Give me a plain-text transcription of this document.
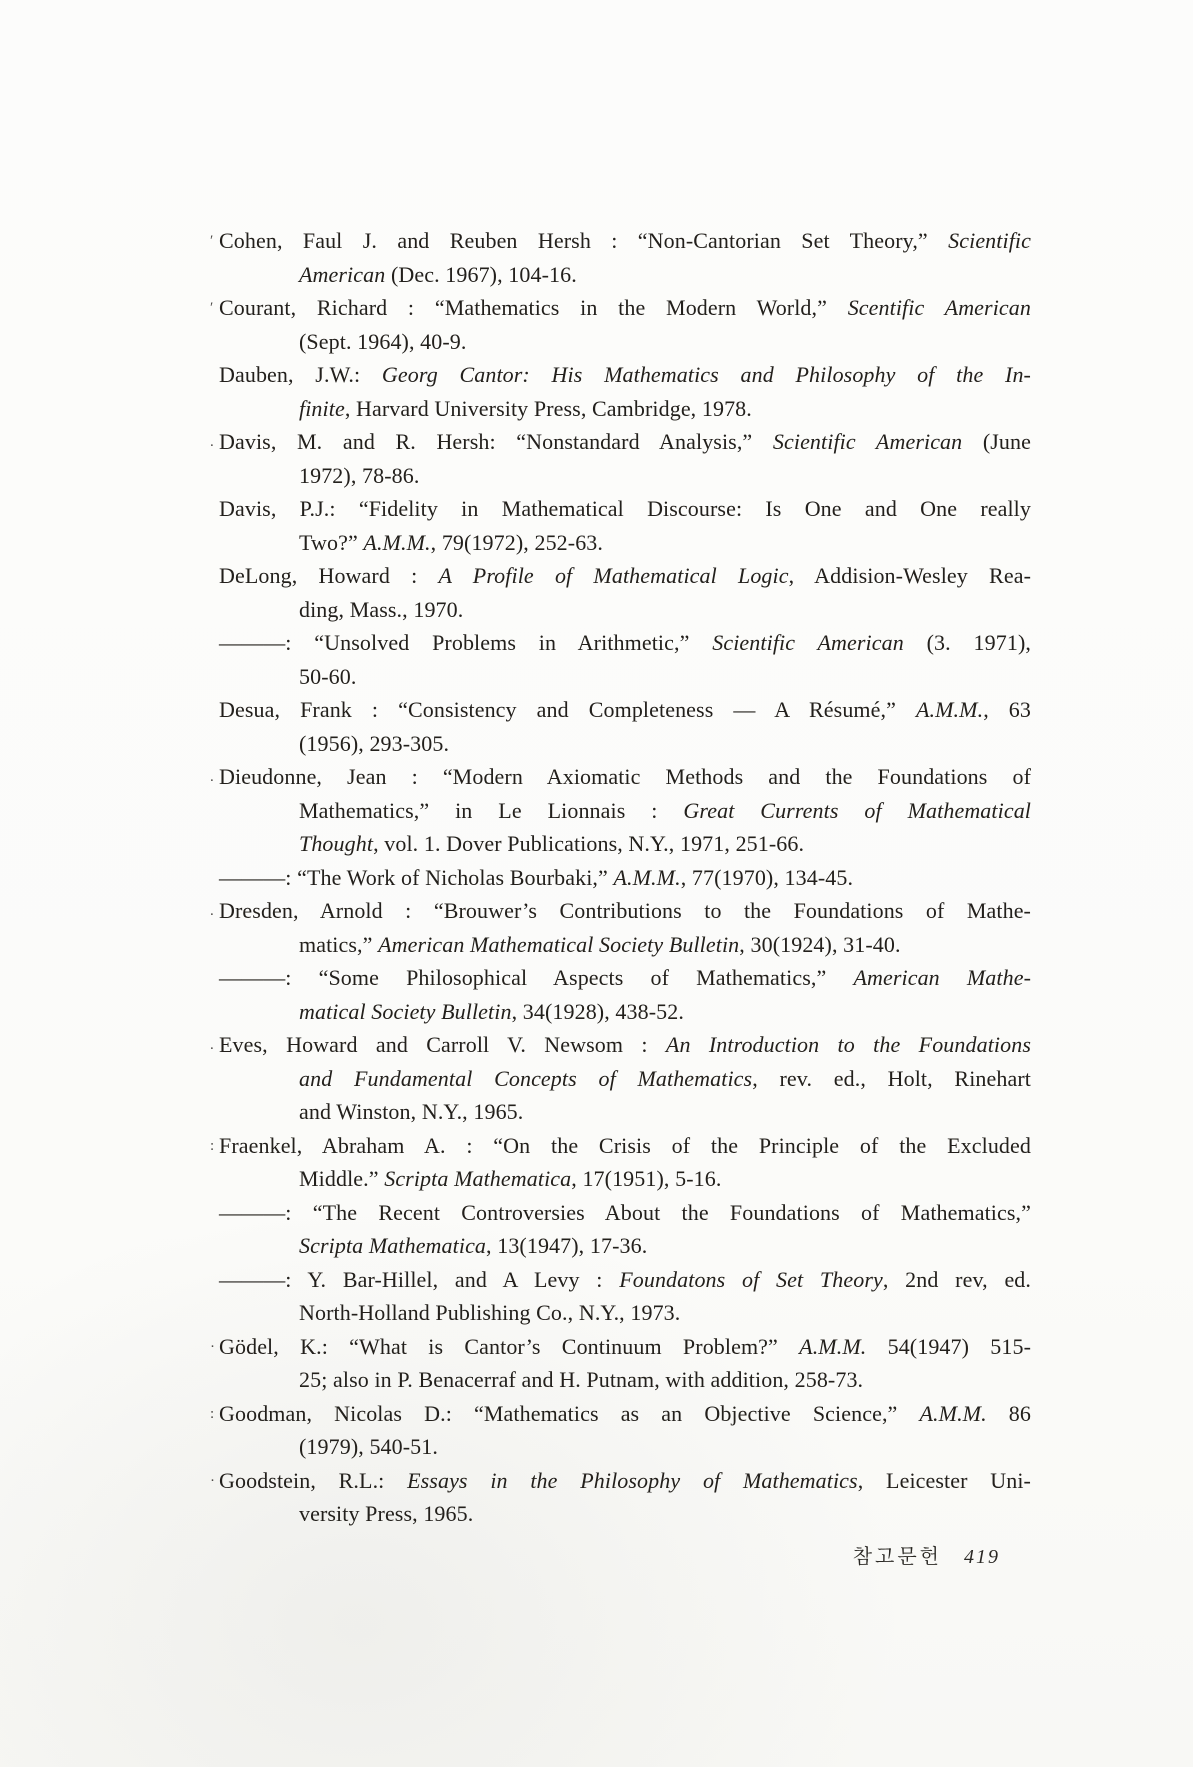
ʹ Cohen, Faul J. and Reuben Hersh : “Non-Cantorian Set Theory,” Scientific
American (Dec. 1967), 104-16.
ʹ Courant, Richard : “Mathematics in the Modern World,” Scentific American
(Sept. 1964), 40-9.
Dauben, J.W.: Georg Cantor: His Mathematics and Philosophy of the In-
finite, Harvard University Press, Cambridge, 1978.
. Davis, M. and R. Hersh: “Nonstandard Analysis,” Scientific American (June
1972), 78-86.
Davis, P.J.: “Fidelity in Mathematical Discourse: Is One and One really
Two?” A.M.M., 79(1972), 252-63.
DeLong, Howard : A Profile of Mathematical Logic, Addision-Wesley Rea-
ding, Mass., 1970.
———: “Unsolved Problems in Arithmetic,” Scientific American (3. 1971),
50-60.
Desua, Frank : “Consistency and Completeness — A Résumé,” A.M.M., 63
(1956), 293-305.
. Dieudonne, Jean : “Modern Axiomatic Methods and the Foundations of
Mathematics,” in Le Lionnais : Great Currents of Mathematical
Thought, vol. 1. Dover Publications, N.Y., 1971, 251-66.
———: “The Work of Nicholas Bourbaki,” A.M.M., 77(1970), 134-45.
. Dresden, Arnold : “Brouwer’s Contributions to the Foundations of Mathe-
matics,” American Mathematical Society Bulletin, 30(1924), 31-40.
———: “Some Philosophical Aspects of Mathematics,” American Mathe-
matical Society Bulletin, 34(1928), 438-52.
. Eves, Howard and Carroll V. Newsom : An Introduction to the Foundations
and Fundamental Concepts of Mathematics, rev. ed., Holt, Rinehart
and Winston, N.Y., 1965.
: Fraenkel, Abraham A. : “On the Crisis of the Principle of the Excluded
Middle.” Scripta Mathematica, 17(1951), 5-16.
———: “The Recent Controversies About the Foundations of Mathematics,”
Scripta Mathematica, 13(1947), 17-36.
———: Y. Bar-Hillel, and A Levy : Foundatons of Set Theory, 2nd rev, ed.
North-Holland Publishing Co., N.Y., 1973.
· Gödel, K.: “What is Cantor’s Continuum Problem?” A.M.M. 54(1947) 515-
25; also in P. Benacerraf and H. Putnam, with addition, 258-73.
: Goodman, Nicolas D.: “Mathematics as an Objective Science,” A.M.M. 86
(1979), 540-51.
· Goodstein, R.L.: Essays in the Philosophy of Mathematics, Leicester Uni-
versity Press, 1965.
참고문헌 419
